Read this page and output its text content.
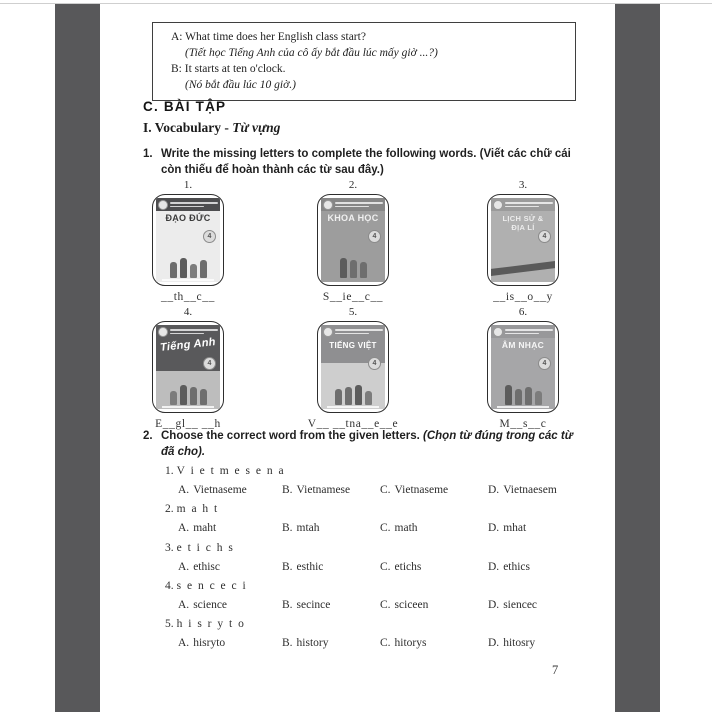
A: What time does her English class start?
(Tiết học Tiếng Anh của cô ấy bắt đầu lúc mấy giờ ...?)
B: It starts at ten o'clock.
(Nó bắt đầu lúc 10 giờ.)
C. BÀI TẬP
I. Vocabulary - Từ vựng
1. Write the missing letters to complete the following words. (Viết các chữ cái còn thiếu để hoàn thành các từ sau đây.)
1.
ĐẠO ĐỨC
4
__th__c__
2.
KHOA HỌC
4
S__ie__c__
3.
LỊCH SỬ & ĐỊA LÍ
4
__is__o__y
4.
Tiếng Anh
4
E__gl__ __h
5.
TIẾNG VIỆT
4
V__ __tna__e__e
6.
ÂM NHẠC
4
M__s__c
2. Choose the correct word from the given letters. (Chọn từ đúng trong các từ đã cho).
1. V i e t m e s e n a
A. Vietnaseme	B. Vietnamese	C. Vietnaseme	D. Vietnaesem
2. m a h t
A. maht	B. mtah	C. math	D. mhat
3. e t i c h s
A. ethisc	B. esthic	C. etichs	D. ethics
4. s e n c e c i
A. science	B. secince	C. sciceen	D. siencec
5. h i s r y t o
A. hisryto	B. history	C. hitorys	D. hitosry
7
